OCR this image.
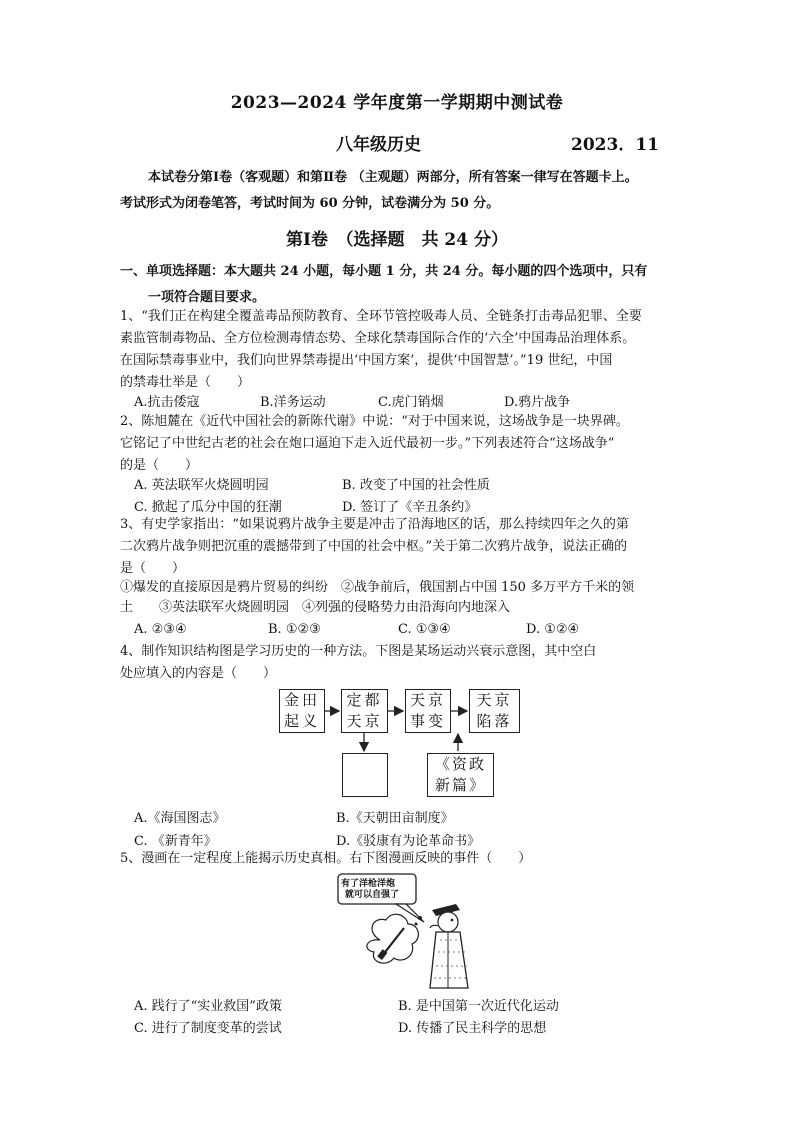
2023—2024 学年度第一学期期中测试卷
八年级历史	2023．11
本试卷分第Ⅰ卷（客观题）和第Ⅱ卷 （主观题）两部分，所有答案一律写在答题卡上。
考试形式为闭卷笔答，考试时间为 60 分钟，试卷满分为 50 分。
第Ⅰ卷　（选择题　共 24 分）
一、单项选择题：本大题共 24 小题，每小题 1 分，共 24 分。每小题的四个选项中，只有
一项符合题目要求。
1、“我们正在构建全覆盖毒品预防教育、全环节管控吸毒人员、全链条打击毒品犯罪、全要
素监管制毒物品、全方位检测毒情态势、全球化禁毒国际合作的‘六全’中国毒品治理体系。
在国际禁毒事业中，我们向世界禁毒提出‘中国方案’，提供‘中国智慧’。”19 世纪，中国
的禁毒壮举是（　　）
A.抗击倭寇	B.洋务运动	C.虎门销烟	D.鸦片战争
2、陈旭麓在《近代中国社会的新陈代谢》中说：“对于中国来说，这场战争是一块界碑。
它铭记了中世纪古老的社会在炮口逼迫下走入近代最初一步。”下列表述符合“这场战争”
的是（　　）
A. 英法联军火烧圆明园	B. 改变了中国的社会性质
C. 掀起了瓜分中国的狂潮	D. 签订了《辛丑条约》
3、有史学家指出：“如果说鸦片战争主要是冲击了沿海地区的话，那么持续四年之久的第
二次鸦片战争则把沉重的震撼带到了中国的社会中枢。”关于第二次鸦片战争，说法正确的
是（　　）
①爆发的直接原因是鸦片贸易的纠纷　②战争前后，俄国割占中国 150 多万平方千米的领
土　　③英法联军火烧圆明园　④列强的侵略势力由沿海向内地深入
A. ②③④	B. ①②③	C. ①③④	D. ①②④
4、制作知识结构图是学习历史的一种方法。下图是某场运动兴衰示意图，其中空白
处应填入的内容是（　　）
金田
起义
定都
天京
天京
事变
天京
陷落
《资政
新篇》
A.《海国图志》	B.《天朝田亩制度》
C. 《新青年》	D.《驳康有为论革命书》
5、漫画在一定程度上能揭示历史真相。右下图漫画反映的事件（　　）
有了洋枪洋炮
就可以自强了
A. 践行了“实业救国”政策	B. 是中国第一次近代化运动
C. 进行了制度变革的尝试	D. 传播了民主科学的思想
